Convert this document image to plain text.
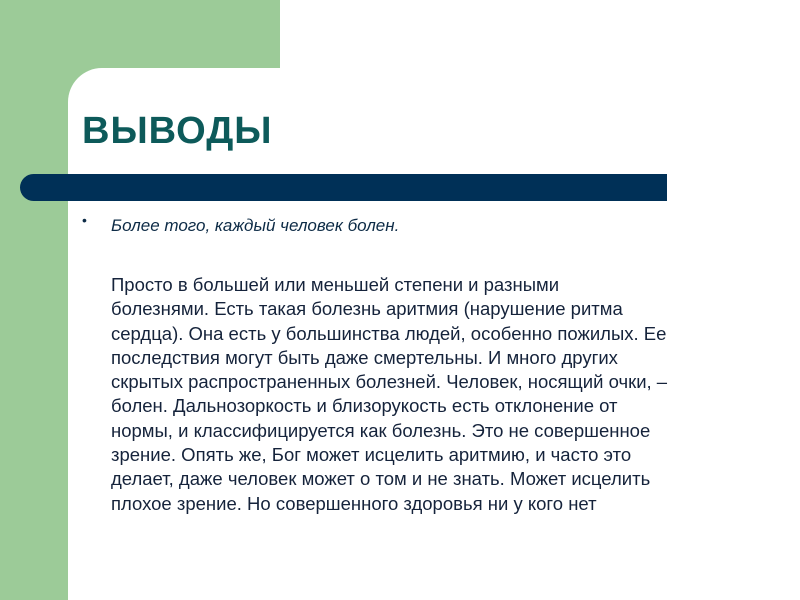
ВЫВОДЫ
• Более того, каждый человек болен.

Просто в большей или меньшей степени и разными
болезнями. Есть такая болезнь аритмия (нарушение ритма
сердца). Она есть у большинства людей, особенно пожилых. Ее
последствия могут быть даже смертельны. И много других
скрытых распространенных болезней. Человек, носящий очки, –
болен. Дальнозоркость и близорукость есть отклонение от
нормы, и классифицируется как болезнь. Это не совершенное
зрение. Опять же, Бог может исцелить аритмию, и часто это
делает, даже человек может о том и не знать. Может исцелить
плохое зрение. Но совершенного здоровья ни у кого нет
